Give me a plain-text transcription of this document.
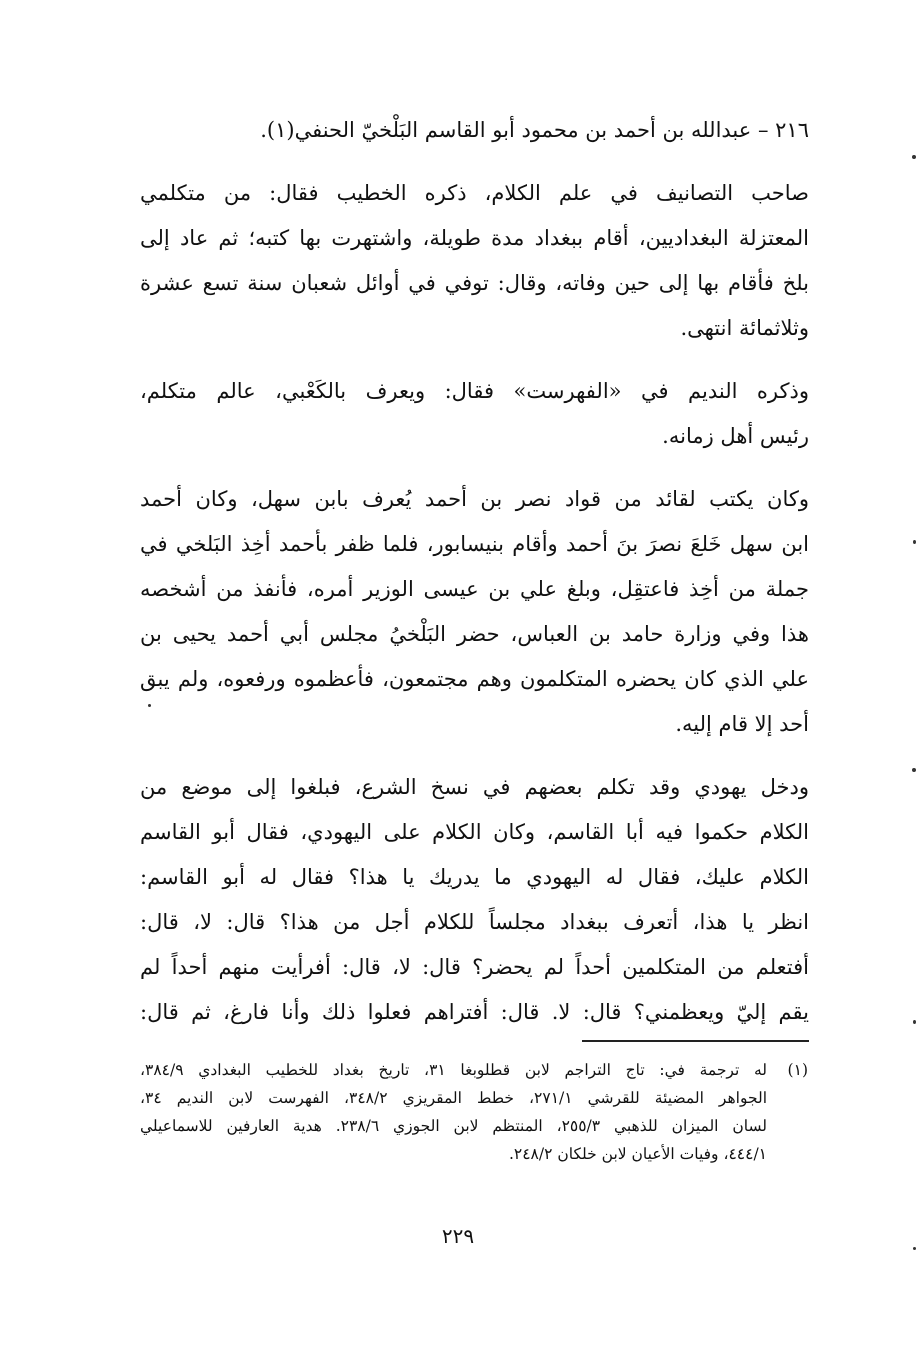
٢١٦ – عبدالله بن أحمد بن محمود أبو القاسم البَلْخيّ الحنفي(١).

صاحب التصانيف في علم الكلام، ذكره الخطيب فقال: من متكلمي

المعتزلة البغداديين، أقام ببغداد مدة طويلة، واشتهرت بها كتبه؛ ثم عاد إلى

بلخ فأقام بها إلى حين وفاته، وقال: توفي في أوائل شعبان سنة تسع عشرة

وثلاثمائة انتهى.

وذكره النديم في «الفهرست» فقال: ويعرف بالكَعْبي، عالم متكلم،

رئيس أهل زمانه.

وكان يكتب لقائد من قواد نصر بن أحمد يُعرف بابن سهل، وكان أحمد

ابن سهل خَلعَ نصرَ بنَ أحمد وأقام بنيسابور، فلما ظفر بأحمد أخِذ البَلخي في

جملة من أخِذ فاعتقِل، وبلغ علي بن عيسى الوزير أمره، فأنفذ من أشخصه

هذا وفي وزارة حامد بن العباس، حضر البَلْخيُ مجلس أبي أحمد يحيى بن

علي الذي كان يحضره المتكلمون وهم مجتمعون، فأعظموه ورفعوه، ولم يبق

أحد إلا قام إليه.

ودخل يهودي وقد تكلم بعضهم في نسخ الشرع، فبلغوا إلى موضع من

الكلام حكموا فيه أبا القاسم، وكان الكلام على اليهودي، فقال أبو القاسم

الكلام عليك، فقال له اليهودي ما يدريك يا هذا؟ فقال له أبو القاسم:

انظر يا هذا، أتعرف ببغداد مجلساً للكلام أجل من هذا؟ قال: لا، قال:

أفتعلم من المتكلمين أحداً لم يحضر؟ قال: لا، قال: أفرأيت منهم أحداً لم

يقم إليّ ويعظمني؟ قال: لا. قال: أفتراهم فعلوا ذلك وأنا فارغ، ثم قال:

(١)

له ترجمة في: تاج التراجم لابن قطلوبغا ٣١، تاريخ بغداد للخطيب البغدادي ٣٨٤/٩،

الجواهر المضيئة للقرشي ٢٧١/١، خطط المقريزي ٣٤٨/٢، الفهرست لابن النديم ٣٤،

لسان الميزان للذهبي ٢٥٥/٣، المنتظم لابن الجوزي ٢٣٨/٦. هدية العارفين للاسماعيلي

٤٤٤/١، وفيات الأعيان لابن خلكان ٢٤٨/٢.

٢٢٩
